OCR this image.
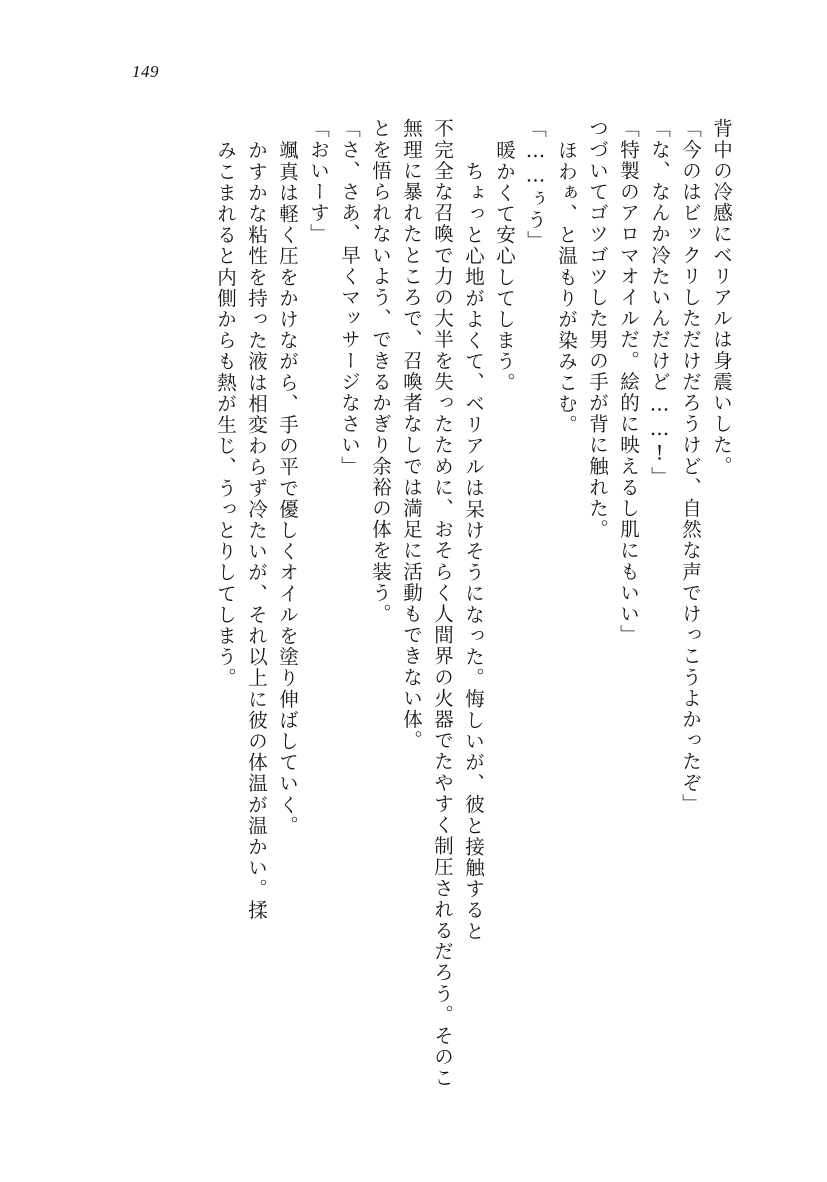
149
背中の冷感にベリアルは身震いした。
「今のはビックリしただけだろうけど、自然な声でけっこうよかったぞ」
「な、なんか冷たいんだけど……!」
「特製のアロマオイルだ。絵的に映えるし肌にもいい」
つづいてゴツゴツした男の手が背に触れた。
ほわぁ、と温もりが染みこむ。
「……ぅう」
暖かくて安心してしまう。
ちょっと心地がよくて、ベリアルは呆けそうになった。悔しいが、彼と接触すると
不完全な召喚で力の大半を失ったために、おそらく人間界の火器でたやすく制圧されるだろう。そのこ
無理に暴れたところで、召喚者なしでは満足に活動もできない体。
とを悟られないよう、できるかぎり余裕の体を装う。
「さ、さあ、早くマッサージなさい」
「おいーす」
颯真は軽く圧をかけながら、手の平で優しくオイルを塗り伸ばしていく。
かすかな粘性を持った液は相変わらず冷たいが、それ以上に彼の体温が温かい。揉
みこまれると内側からも熱が生じ、うっとりしてしまう。
